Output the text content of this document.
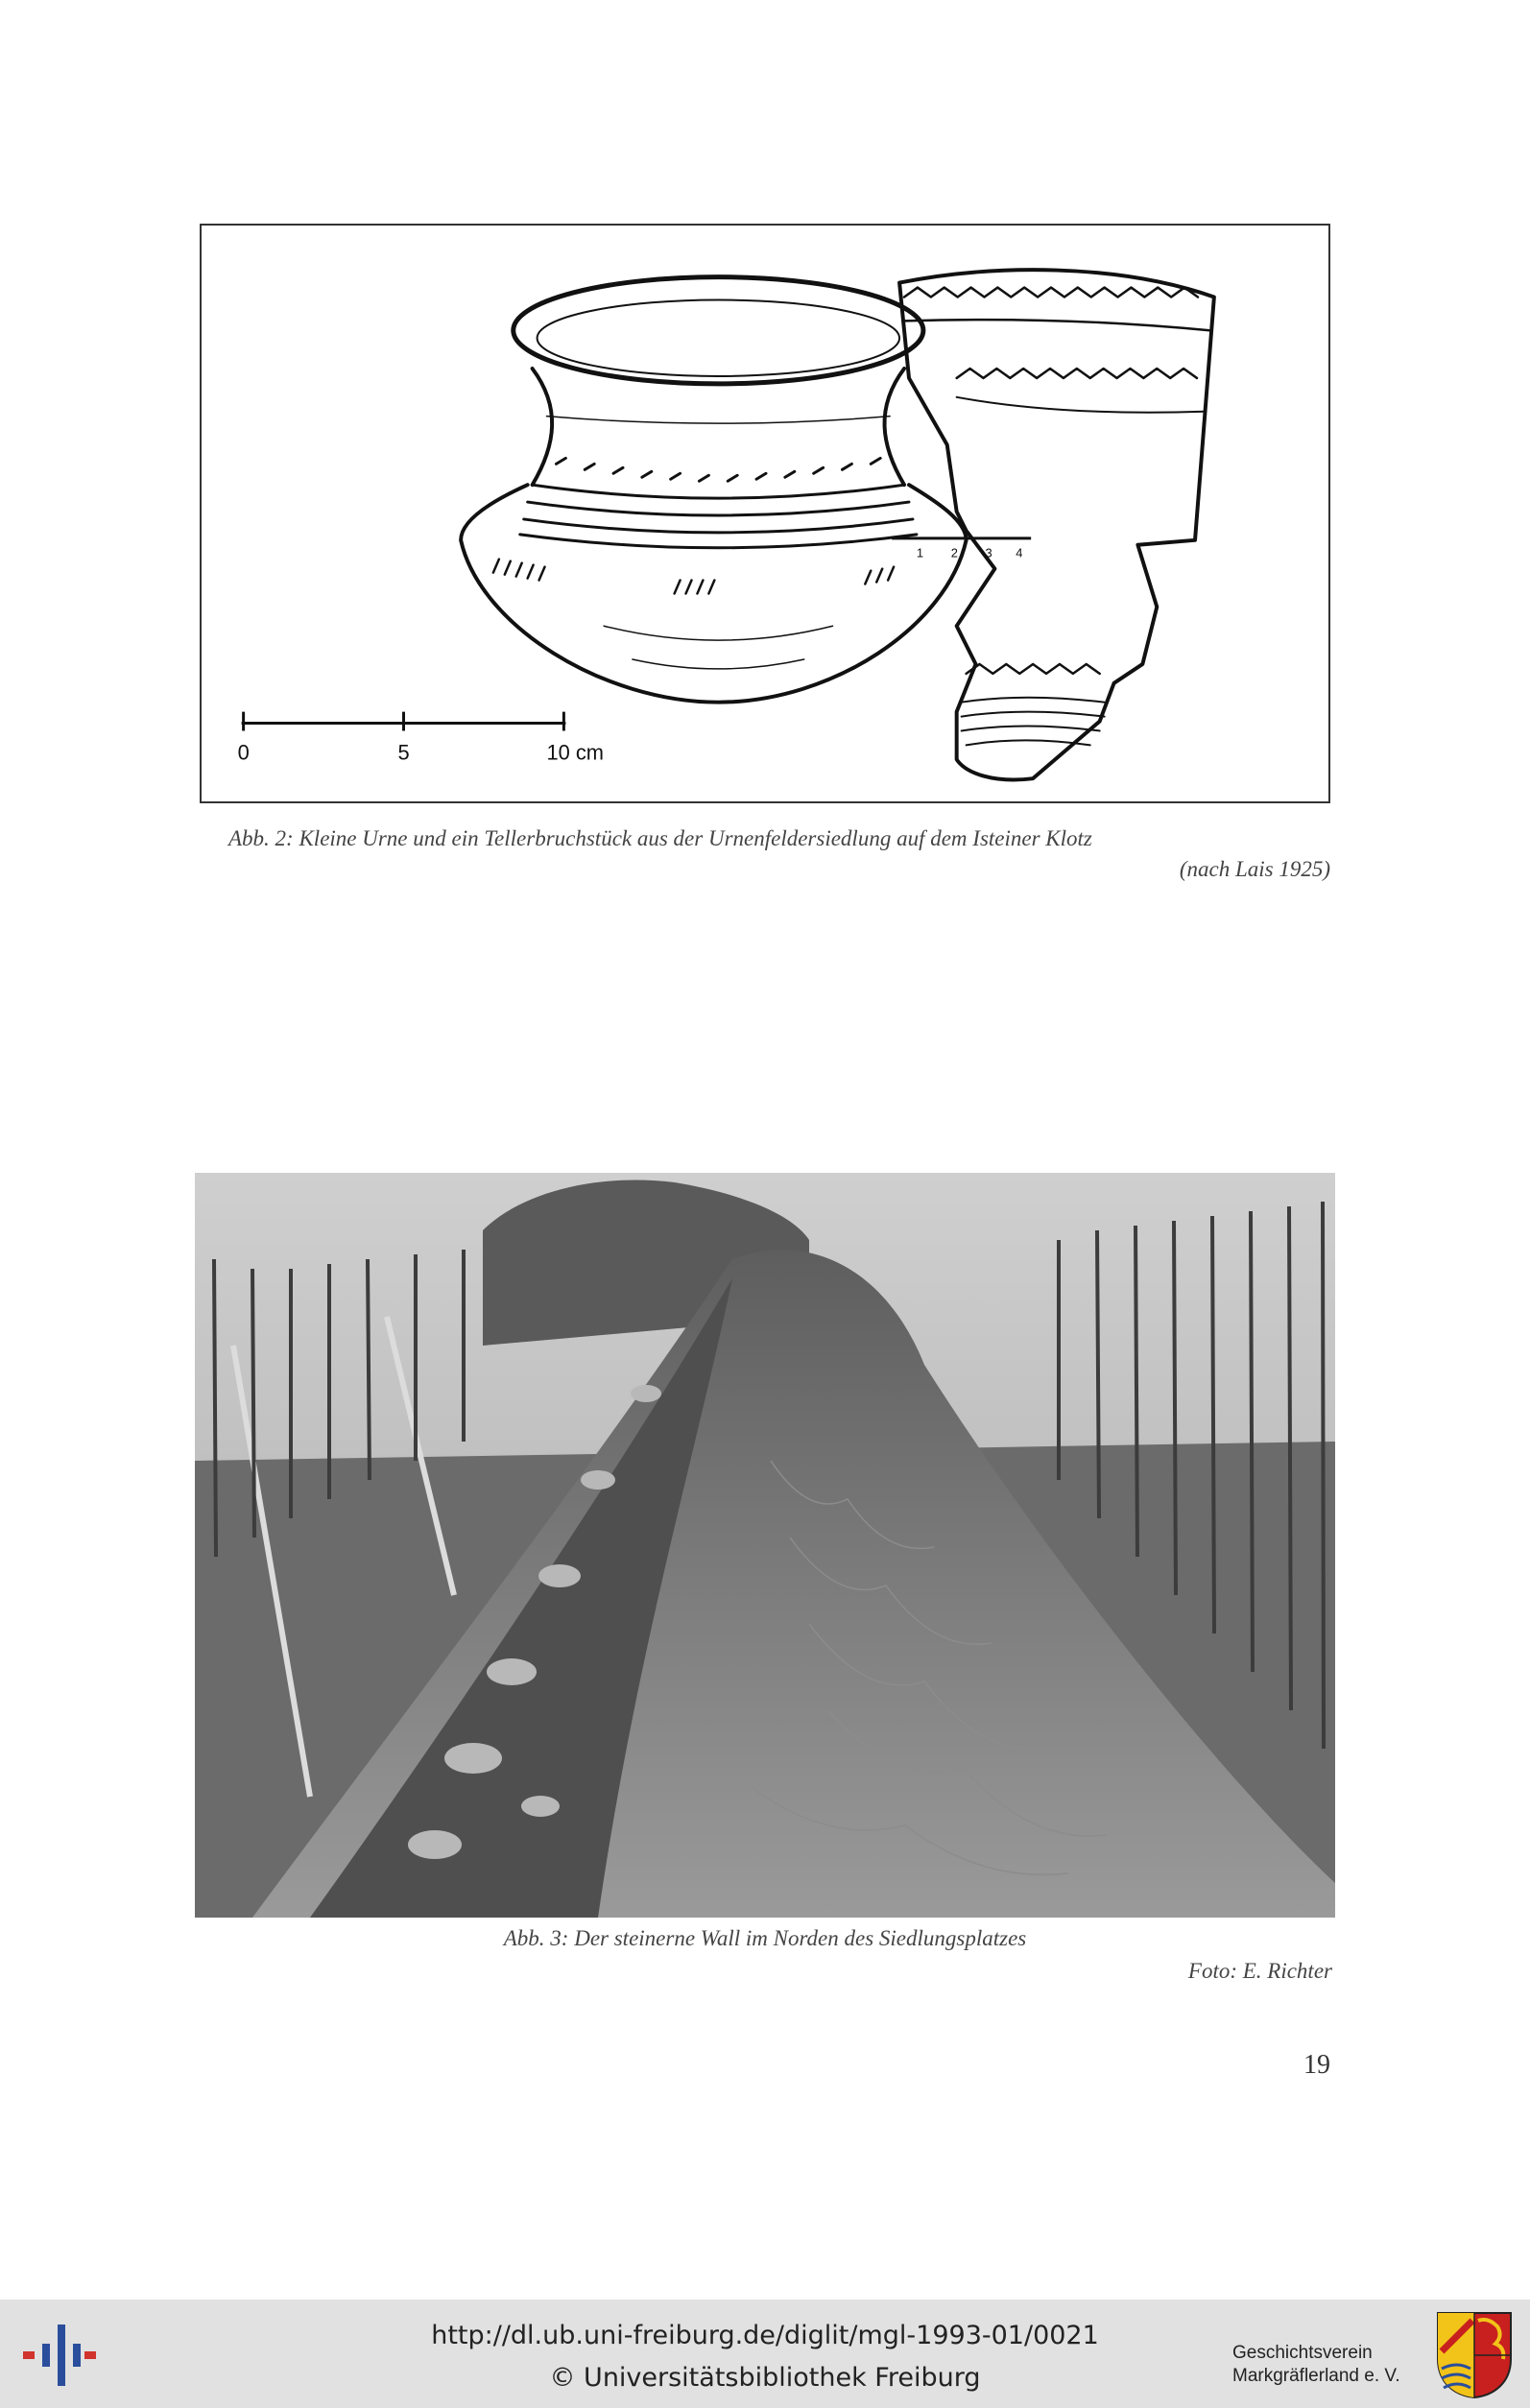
0	5	10 cm
1 2 3 4
Abb. 2: Kleine Urne und ein Tellerbruchstück aus der Urnenfeldersiedlung auf dem Isteiner Klotz
(nach Lais 1925)
Abb. 3: Der steinerne Wall im Norden des Siedlungsplatzes
Foto: E. Richter
19
http://dl.ub.uni-freiburg.de/diglit/mgl-1993-01/0021
© Universitätsbibliothek Freiburg
Geschichtsverein
Markgräflerland e. V.
